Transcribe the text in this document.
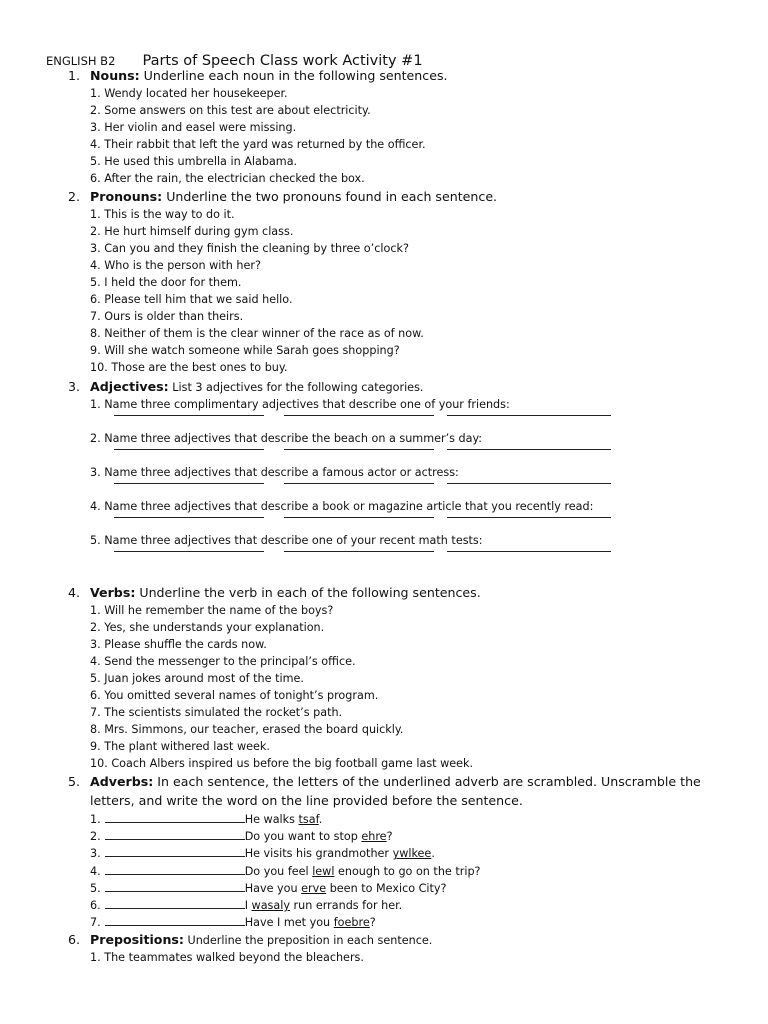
ENGLISH B2 Parts of Speech Class work Activity #1
1. Nouns: Underline each noun in the following sentences.
1. Wendy located her housekeeper.
2. Some answers on this test are about electricity.
3. Her violin and easel were missing.
4. Their rabbit that left the yard was returned by the officer.
5. He used this umbrella in Alabama.
6. After the rain, the electrician checked the box.
2. Pronouns: Underline the two pronouns found in each sentence.
1. This is the way to do it.
2. He hurt himself during gym class.
3. Can you and they finish the cleaning by three o’clock?
4. Who is the person with her?
5. I held the door for them.
6. Please tell him that we said hello.
7. Ours is older than theirs.
8. Neither of them is the clear winner of the race as of now.
9. Will she watch someone while Sarah goes shopping?
10. Those are the best ones to buy.
3. Adjectives: List 3 adjectives for the following categories.
1. Name three complimentary adjectives that describe one of your friends:
2. Name three adjectives that describe the beach on a summer’s day:
3. Name three adjectives that describe a famous actor or actress:
4. Name three adjectives that describe a book or magazine article that you recently read:
5. Name three adjectives that describe one of your recent math tests:
4. Verbs: Underline the verb in each of the following sentences.
1. Will he remember the name of the boys?
2. Yes, she understands your explanation.
3. Please shuffle the cards now.
4. Send the messenger to the principal’s office.
5. Juan jokes around most of the time.
6. You omitted several names of tonight’s program.
7. The scientists simulated the rocket’s path.
8. Mrs. Simmons, our teacher, erased the board quickly.
9. The plant withered last week.
10. Coach Albers inspired us before the big football game last week.
5. Adverbs: In each sentence, the letters of the underlined adverb are scrambled. Unscramble the
letters, and write the word on the line provided before the sentence.
1.	He walks tsaf.
2.	Do you want to stop ehre?
3.	He visits his grandmother ywlkee.
4.	Do you feel lewl enough to go on the trip?
5.	Have you erve been to Mexico City?
6.	I wasaly run errands for her.
7.	Have I met you foebre?
6. Prepositions: Underline the preposition in each sentence.
1. The teammates walked beyond the bleachers.
